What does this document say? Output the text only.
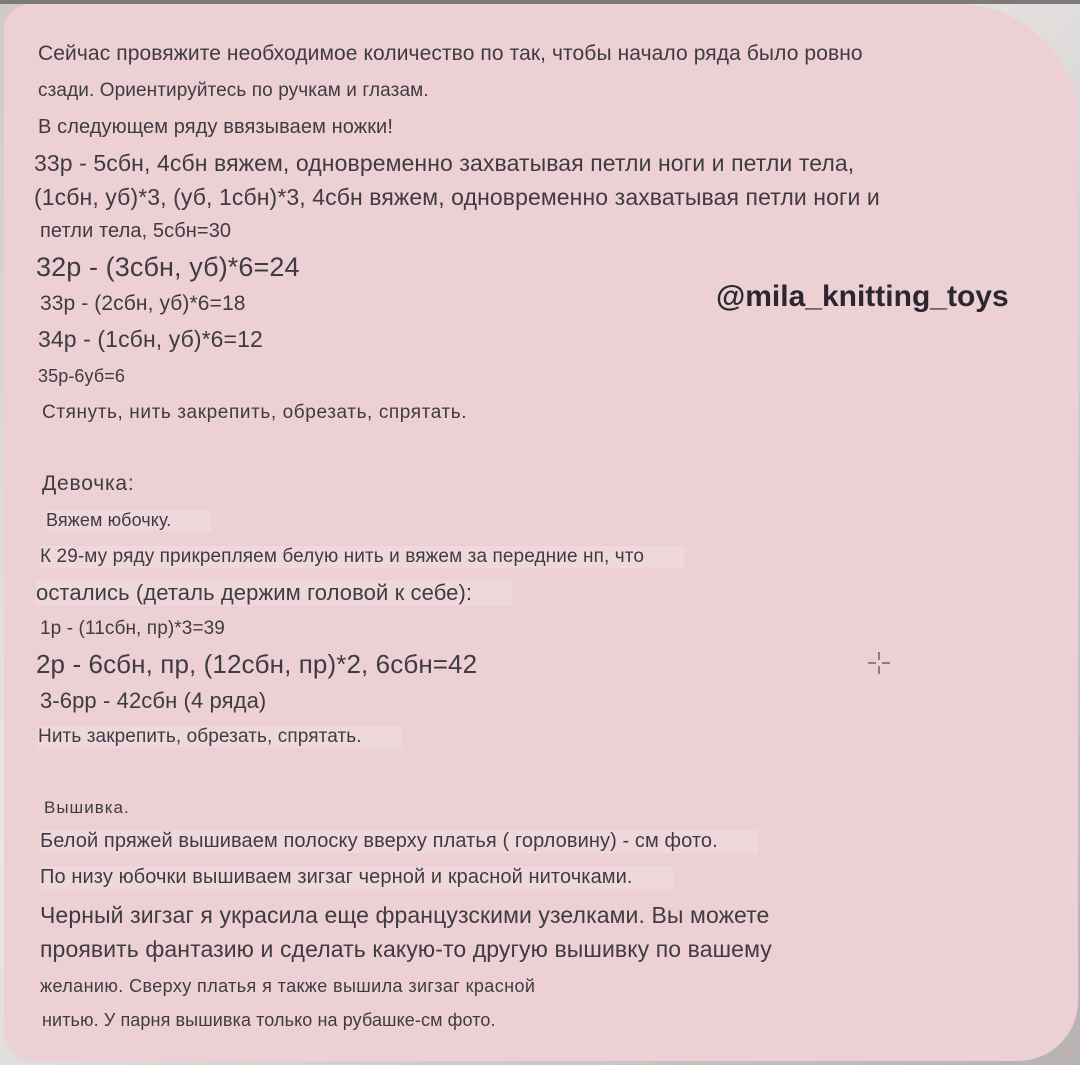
Сейчас провяжите необходимое количество по так, чтобы начало ряда было ровно
сзади. Ориентируйтесь по ручкам и глазам.
В следующем ряду ввязываем ножки!
33р - 5сбн, 4сбн вяжем, одновременно захватывая петли ноги и петли тела,
(1сбн, уб)*3, (уб, 1сбн)*3, 4сбн вяжем, одновременно захватывая петли ноги и
петли тела, 5сбн=30
32р - (3сбн, уб)*6=24
33р - (2сбн, уб)*6=18
34р - (1сбн, уб)*6=12
35р-6уб=6
Стянуть, нить закрепить, обрезать, спрятать.
@mila_knitting_toys
Девочка:
Вяжем юбочку.
К 29-му ряду прикрепляем белую нить и вяжем за передние нп, что
остались (деталь держим головой к себе):
1р - (11сбн, пр)*3=39
2р - 6сбн, пр, (12сбн, пр)*2, 6сбн=42
3-6рр - 42сбн (4 ряда)
Нить закрепить, обрезать, спрятать.
Вышивка.
Белой пряжей вышиваем полоску вверху платья ( горловину) - см фото.
По низу юбочки вышиваем зигзаг черной и красной ниточками.
Черный зигзаг я украсила еще французскими узелками. Вы можете
проявить фантазию и сделать какую-то другую вышивку по вашему
желанию. Сверху платья я также вышила зигзаг красной
нитью. У парня вышивка только на рубашке-см фото.
